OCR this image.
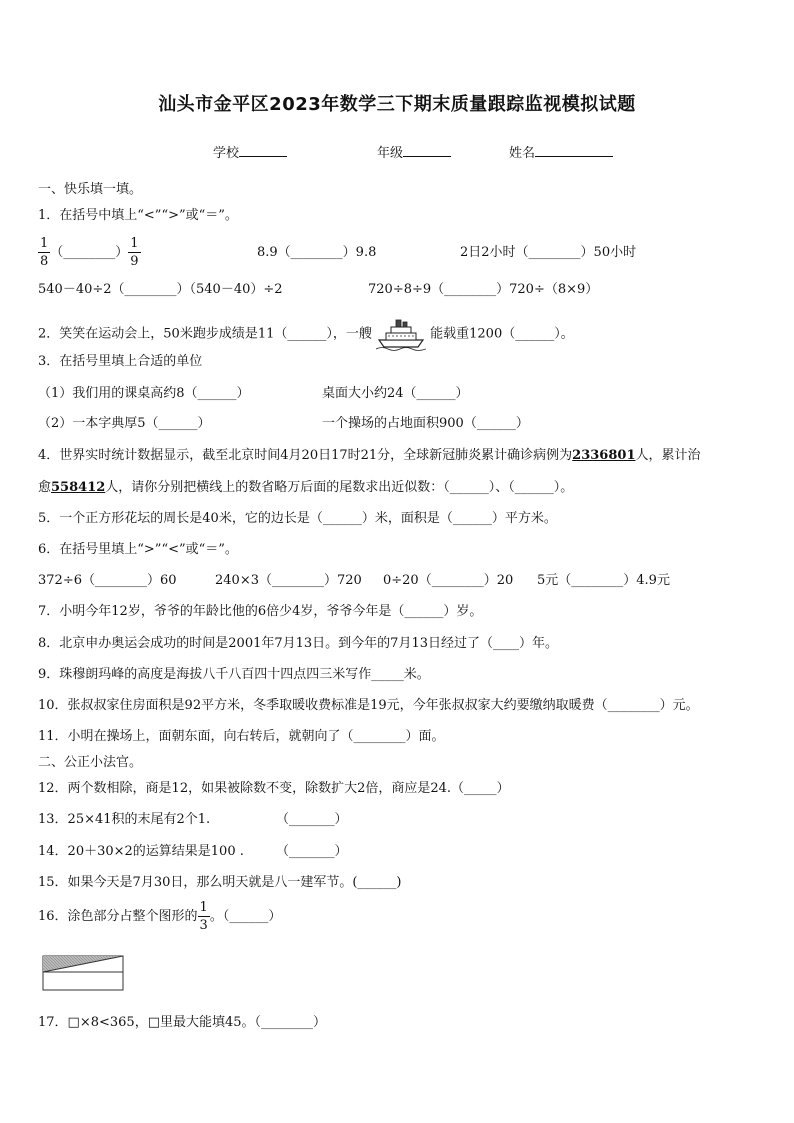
汕头市金平区2023年数学三下期末质量跟踪监视模拟试题
学校	年级	姓名
一、快乐填一填。
1．在括号中填上“<”“>”或“＝”。
$\frac{1}{8}$ （________） $\frac{1}{9}$	8.9（________）9.8	2日2小时（________）50小时
540－40÷2（________）（540－40）÷2	720÷8÷9（________）720÷（8×9）
2．笑笑在运动会上，50米跑步成绩是11（______），一艘	能载重1200（______）。
3．在括号里填上合适的单位
（1）我们用的课桌高约8（______）	桌面大小约24（______）
（2）一本字典厚5（______）	一个操场的占地面积900（______）
4．世界实时统计数据显示，截至北京时间4月20日17时21分，全球新冠肺炎累计确诊病例为2336801人，累计治
愈558412人，请你分别把横线上的数省略万后面的尾数求出近似数：（______）、（______）。
5．一个正方形花坛的周长是40米，它的边长是（______）米，面积是（______）平方米。
6．在括号里填上“>”“<”或“＝”。
372÷6（________）60	240×3（________）720 0÷20（________）20 5元（________）4.9元
7．小明今年12岁，爷爷的年龄比他的6倍少4岁，爷爷今年是（______）岁。
8．北京申办奥运会成功的时间是2001年7月13日。到今年的7月13日经过了（____）年。
9．珠穆朗玛峰的高度是海拔八千八百四十四点四三米写作_____米。
10．张叔叔家住房面积是92平方米，冬季取暖收费标准是19元，今年张叔叔家大约要缴纳取暖费（________）元。
11．小明在操场上，面朝东面，向右转后，就朝向了（________）面。
二、公正小法官。
12．两个数相除，商是12，如果被除数不变，除数扩大2倍，商应是24.（_____）
13．25×41积的末尾有2个1.	（_______）
14．20＋30×2的运算结果是100 . （_______）
15．如果今天是7月30日，那么明天就是八一建军节。(______)
16．涂色部分占整个图形的 $\frac{1}{3}$ 。（______）
17．□×8<365，□里最大能填45。（________）
